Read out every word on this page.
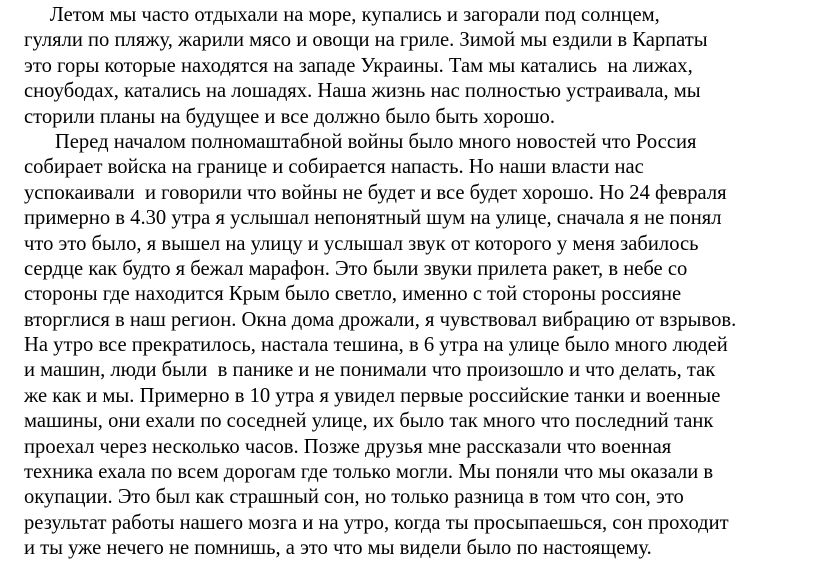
Летом мы часто отдыхали на море, купались и загорали под солнцем,
гуляли по пляжу, жарили мясо и овощи на гриле. Зимой мы ездили в Карпаты
это горы которые находятся на западе Украины. Там мы катались  на лижах,
сноубодах, катались на лошадях. Наша жизнь нас полностью устраивала, мы
сторили планы на будущее и все должно было быть хорошо.
Перед началом полномаштабной войны было много новостей что Россия
собирает войска на границе и собирается напасть. Но наши власти нас
успокаивали  и говорили что войны не будет и все будет хорошо. Но 24 февраля
примерно в 4.30 утра я услышал непонятный шум на улице, сначала я не понял
что это было, я вышел на улицу и услышал звук от которого у меня забилось
сердце как будто я бежал марафон. Это были звуки прилета ракет, в небе со
стороны где находится Крым было светло, именно с той стороны россияне
вторглися в наш регион. Окна дома дрожали, я чувствовал вибрацию от взрывов.
На утро все прекратилось, настала тешина, в 6 утра на улице было много людей
и машин, люди были  в панике и не понимали что произошло и что делать, так
же как и мы. Примерно в 10 утра я увидел первые российские танки и военные
машины, они ехали по соседней улице, их было так много что последний танк
проехал через несколько часов. Позже друзья мне рассказали что военная
техника ехала по всем дорогам где только могли. Мы поняли что мы оказали в
окупации. Это был как страшный сон, но только разница в том что сон, это
результат работы нашего мозга и на утро, когда ты просыпаешься, сон проходит
и ты уже нечего не помнишь, а это что мы видели было по настоящему.
